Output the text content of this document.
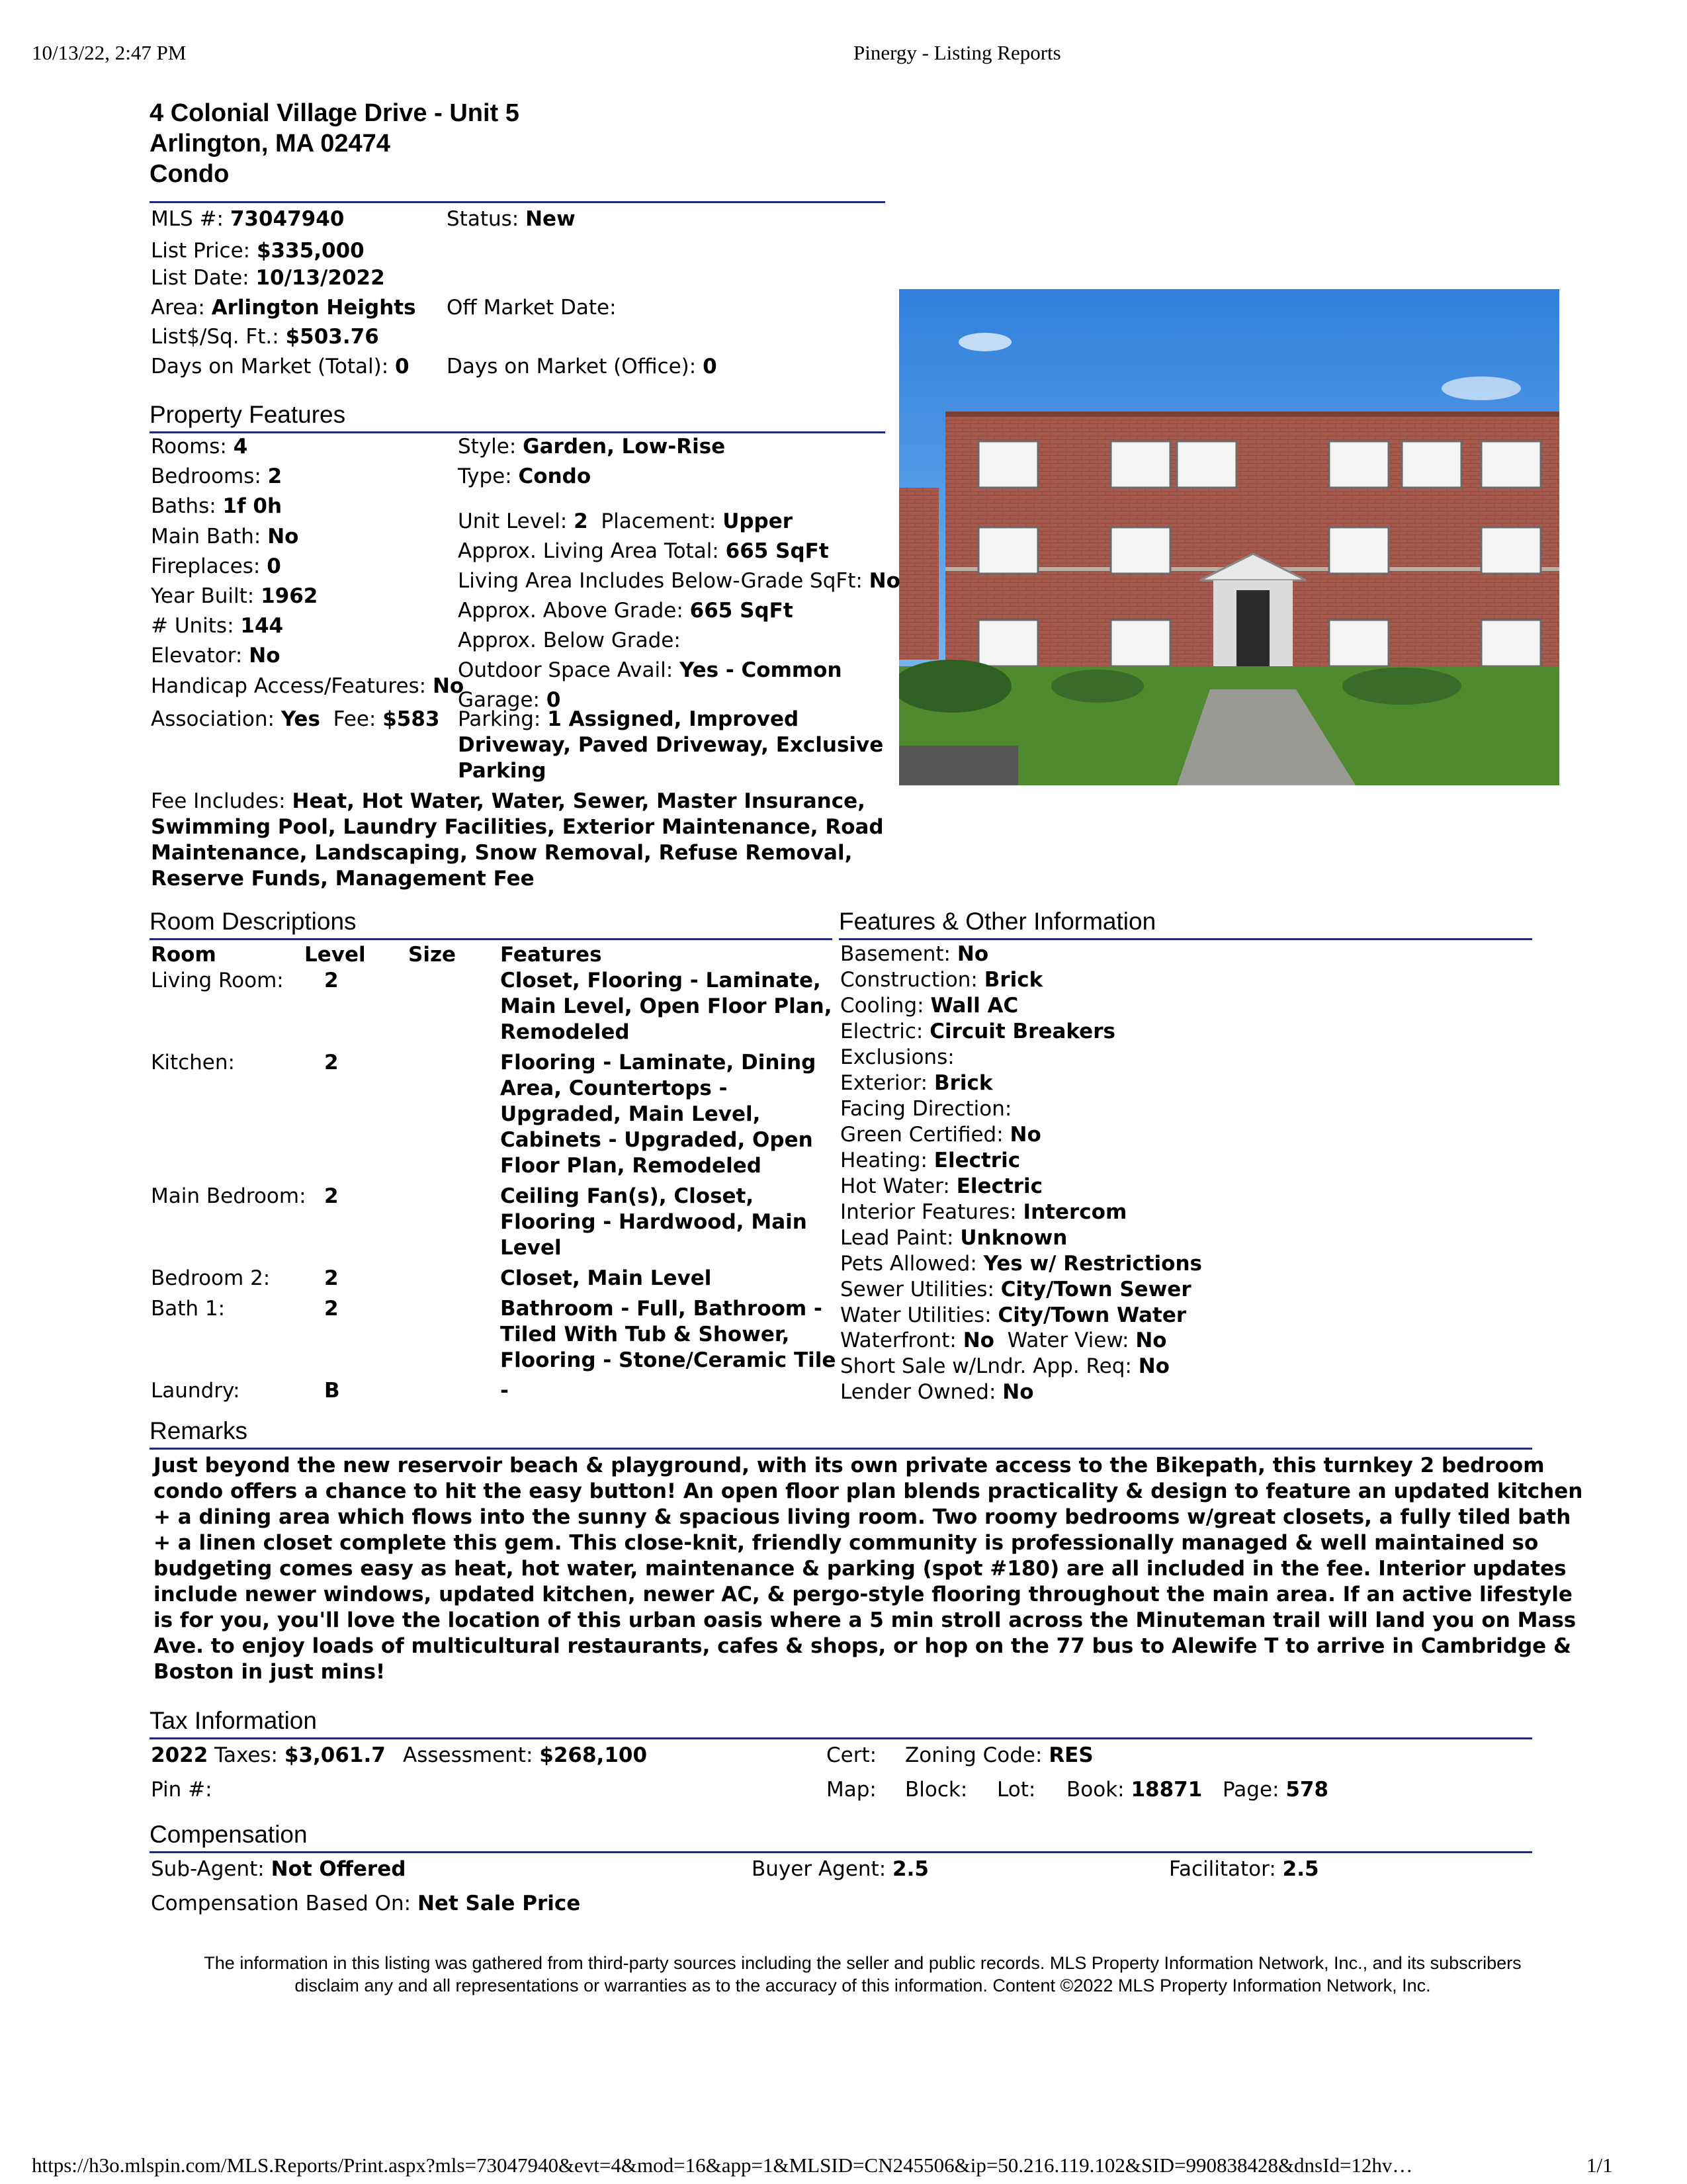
10/13/22, 2:47 PM	Pinergy - Listing Reports
4 Colonial Village Drive - Unit 5
Arlington, MA 02474
Condo
MLS #: 73047940	Status: New
List Price: $335,000
List Date: 10/13/2022
Area: Arlington Heights Off Market Date:
List$/Sq. Ft.: $503.76
Days on Market (Total): 0 Days on Market (Office): 0
Property Features
Rooms: 4
Bedrooms: 2
Baths: 1f 0h
Main Bath: No
Fireplaces: 0
Year Built: 1962
# Units: 144
Elevator: No
Handicap Access/Features: No
Style: Garden, Low-Rise
Type: Condo
Approx. Living Area Total: 665 SqFt
Living Area Includes Below-Grade SqFt: No
Approx. Above Grade: 665 SqFt
Approx. Below Grade:
Outdoor Space Avail: Yes - Common
Garage: 0
Association: Yes Fee: $583
Unit Level: 2 Placement: Upper
Parking: 1 Assigned, Improved
Driveway, Paved Driveway, Exclusive
Parking
Fee Includes: Heat, Hot Water, Water, Sewer, Master Insurance,
Swimming Pool, Laundry Facilities, Exterior Maintenance, Road
Maintenance, Landscaping, Snow Removal, Refuse Removal,
Reserve Funds, Management Fee
Room Descriptions
Room	Level Size Features
Living Room: 2	Closet, Flooring - Laminate,
Main Level, Open Floor Plan,
Remodeled
Kitchen:	2	Flooring - Laminate, Dining
Area, Countertops -
Upgraded, Main Level,
Cabinets - Upgraded, Open
Floor Plan, Remodeled
Main Bedroom: 2	Ceiling Fan(s), Closet,
Flooring - Hardwood, Main
Level
Bedroom 2:	2	Closet, Main Level
Bath 1:	2	Bathroom - Full, Bathroom -
Tiled With Tub & Shower,
Flooring - Stone/Ceramic Tile
Laundry:	B	-
Features & Other Information
Basement: No
Construction: Brick
Cooling: Wall AC
Electric: Circuit Breakers
Exclusions:
Exterior: Brick
Facing Direction:
Green Certified: No
Heating: Electric
Hot Water: Electric
Interior Features: Intercom
Lead Paint: Unknown
Pets Allowed: Yes w/ Restrictions
Sewer Utilities: City/Town Sewer
Water Utilities: City/Town Water
Waterfront: No Water View: No
Short Sale w/Lndr. App. Req: No
Lender Owned: No
Remarks
Just beyond the new reservoir beach & playground, with its own private access to the Bikepath, this turnkey 2 bedroom
condo offers a chance to hit the easy button! An open floor plan blends practicality & design to feature an updated kitchen
+ a dining area which flows into the sunny & spacious living room. Two roomy bedrooms w/great closets, a fully tiled bath
+ a linen closet complete this gem. This close-knit, friendly community is professionally managed & well maintained so
budgeting comes easy as heat, hot water, maintenance & parking (spot #180) are all included in the fee. Interior updates
include newer windows, updated kitchen, newer AC, & pergo-style flooring throughout the main area. If an active lifestyle
is for you, you'll love the location of this urban oasis where a 5 min stroll across the Minuteman trail will land you on Mass
Ave. to enjoy loads of multicultural restaurants, cafes & shops, or hop on the 77 bus to Alewife T to arrive in Cambridge &
Boston in just mins!
Tax Information
2022 Taxes: $3,061.7 Assessment: $268,100	Cert: Zoning Code: RES
Pin #:	Map: Block: Lot: Book: 18871 Page: 578
Compensation
Sub-Agent: Not Offered	Buyer Agent: 2.5	Facilitator: 2.5
Compensation Based On: Net Sale Price
The information in this listing was gathered from third-party sources including the seller and public records. MLS Property Information Network, Inc., and its subscribers
disclaim any and all representations or warranties as to the accuracy of this information. Content ©2022 MLS Property Information Network, Inc.
https://h3o.mlspin.com/MLS.Reports/Print.aspx?mls=73047940&evt=4&mod=16&app=1&MLSID=CN245506&ip=50.216.119.102&SID=990838428&dnsId=12hv…	1/1
